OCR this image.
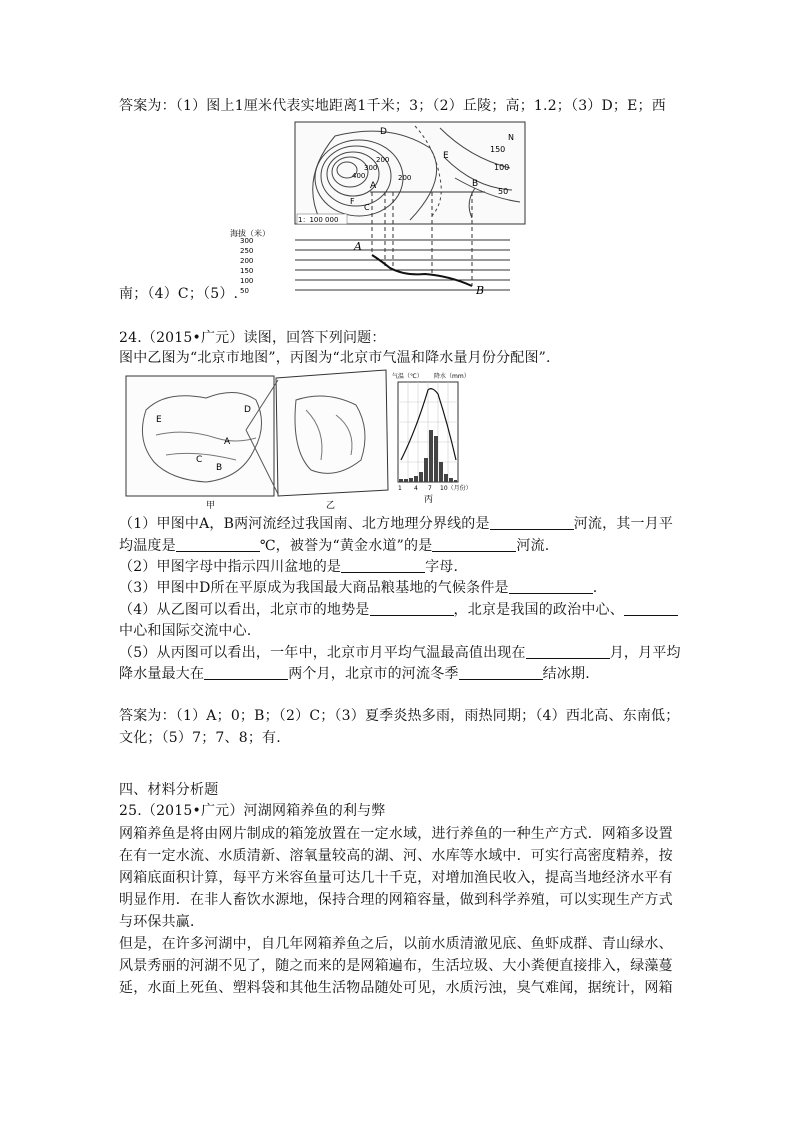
答案为：（1）图上1厘米代表实地距离1千米；3；（2）丘陵；高；1.2；（3）D；E；西
1：100 000
D
E
A	B
F
C
N
150
100
50
400
300
200
200
海拔（米）
300
250
200
150
100
50
A
B
南；（4）C；（5）.
24.（2015•广元）读图，回答下列问题：
图中乙图为“北京市地图”，丙图为“北京市气温和降水量月份分配图”.
E
D
C
A
B
甲	乙
气温（℃） 降水（mm）
1 4 7 10（月份）
丙
（1）甲图中A，B两河流经过我国南、北方地理分界线的是	河流，其一月平
均温度是	℃，被誉为“黄金水道”的是	河流.
（2）甲图字母中指示四川盆地的是	字母.
（3）甲图中D所在平原成为我国最大商品粮基地的气候条件是	.
（4）从乙图可以看出，北京市的地势是	，北京是我国的政治中心、
中心和国际交流中心.
（5）从丙图可以看出，一年中，北京市月平均气温最高值出现在	月，月平均
降水量最大在	两个月，北京市的河流冬季	结冰期.
答案为：（1）A；0；B；（2）C；（3）夏季炎热多雨，雨热同期；（4）西北高、东南低；
文化；（5）7；7、8；有.
四、材料分析题
25.（2015•广元）河湖网箱养鱼的利与弊
网箱养鱼是将由网片制成的箱笼放置在一定水域，进行养鱼的一种生产方式．网箱多设置
在有一定水流、水质清新、溶氧量较高的湖、河、水库等水域中．可实行高密度精养，按
网箱底面积计算，每平方米容鱼量可达几十千克，对增加渔民收入，提高当地经济水平有
明显作用．在非人畜饮水源地，保持合理的网箱容量，做到科学养殖，可以实现生产方式
与环保共赢．
但是，在许多河湖中，自几年网箱养鱼之后，以前水质清澈见底、鱼虾成群、青山绿水、
风景秀丽的河湖不见了，随之而来的是网箱遍布，生活垃圾、大小粪便直接排入，绿藻蔓
延，水面上死鱼、塑料袋和其他生活物品随处可见，水质污浊，臭气难闻，据统计，网箱
